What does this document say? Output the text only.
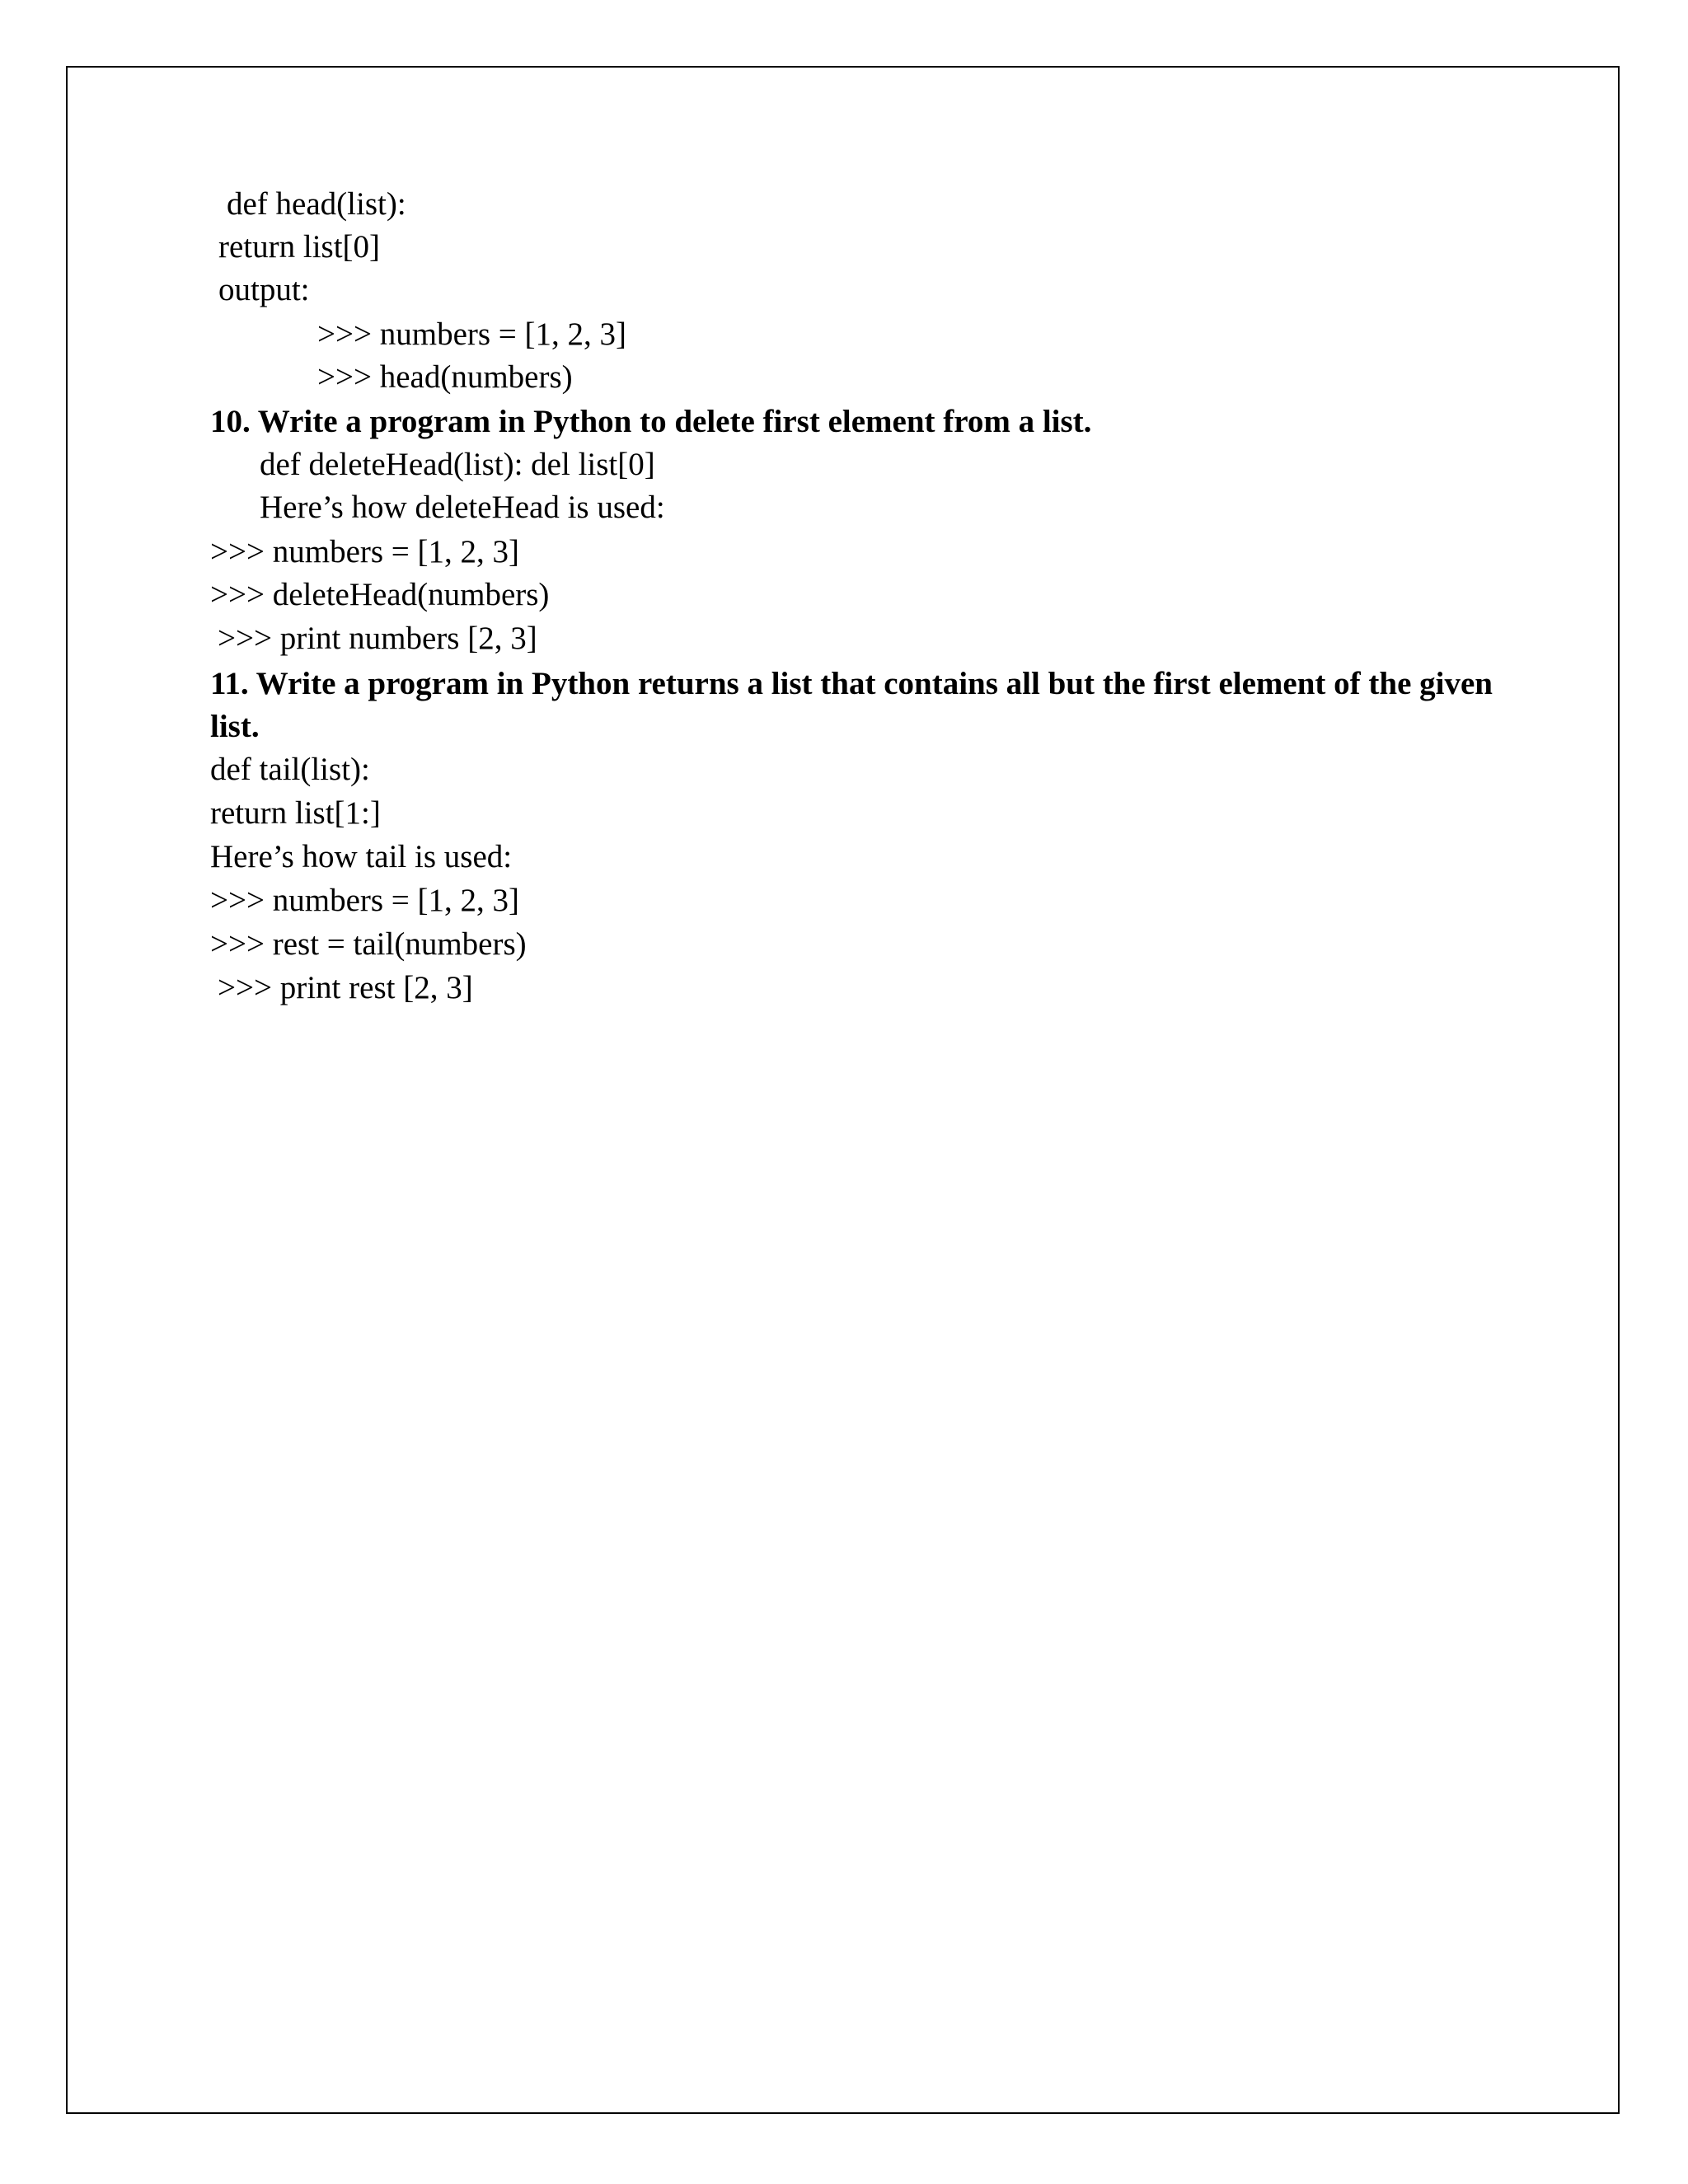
def head(list):
return list[0]
output:
>>> numbers = [1, 2, 3]
>>> head(numbers)
10. Write a program in Python to delete first element from a list.
def deleteHead(list): del list[0]
Here’s how deleteHead is used:
>>> numbers = [1, 2, 3]
>>> deleteHead(numbers)
>>> print numbers [2, 3]
11. Write a program in Python returns a list that contains all but the first element of the given
list.
def tail(list):
return list[1:]
Here’s how tail is used:
>>> numbers = [1, 2, 3]
>>> rest = tail(numbers)
>>> print rest [2, 3]
